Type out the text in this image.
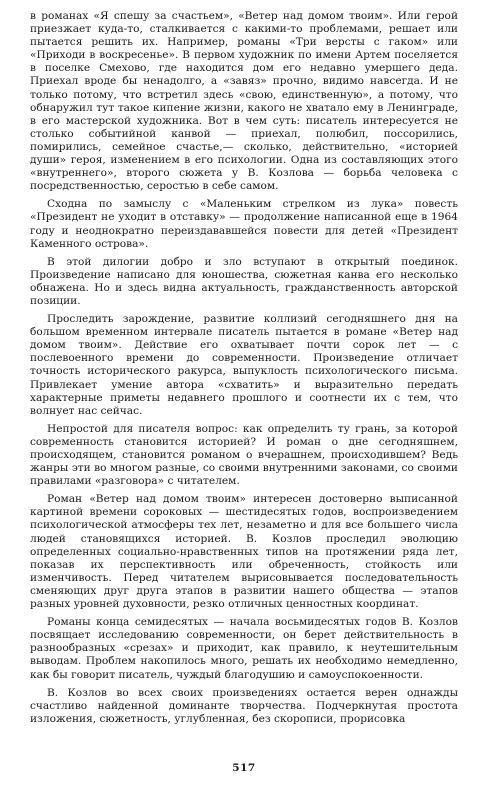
в романах «Я спешу за счастьем», «Ветер над домом твоим». Или герой приезжает куда-то, сталкивается с какими-то проблемами, решает или пытается решить их. Например, романы «Три версты с гаком» или «Приходи в воскресенье». В первом художник по имени Артем поселяется в поселке Смехово, где находится дом его недавно умершего деда. Приехал вроде бы ненадолго, а «завяз» прочно, видимо навсегда. И не только потому, что встретил здесь «свою, единственную», а потому, что обнаружил тут такое кипение жизни, какого не хватало ему в Ленинграде, в его мастерской художника. Вот в чем суть: писатель интересуется не столько событийной канвой — приехал, полюбил, поссорились, помирились, семейное счастье,— сколько, действительно, «историей души» героя, изменением в его психологии. Одна из составляющих этого «внутреннего», второго сюжета у В. Козлова — борьба человека с посредственностью, серостью в себе самом.

Сходна по замыслу с «Маленьким стрелком из лука» повесть «Президент не уходит в отставку» — продолжение написанной еще в 1964 году и неоднократно переиздававшейся повести для детей «Президент Каменного острова».

В этой дилогии добро и зло вступают в открытый поединок. Произведение написано для юношества, сюжетная канва его несколько обнажена. Но и здесь видна актуальность, гражданственность авторской позиции.

Проследить зарождение, развитие коллизий сегодняшнего дня на большом временном интервале писатель пытается в романе «Ветер над домом твоим». Действие его охватывает почти сорок лет — с послевоенного времени до современности. Произведение отличает точность исторического ракурса, выпуклость психологического письма. Привлекает умение автора «схватить» и выразительно передать характерные приметы недавнего прошлого и соотнести их с тем, что волнует нас сейчас.

Непростой для писателя вопрос: как определить ту грань, за которой современность становится историей? И роман о дне сегодняшнем, происходящем, становится романом о вчерашнем, происходившем? Ведь жанры эти во многом разные, со своими внутренними законами, со своими правилами «разговора» с читателем.

Роман «Ветер над домом твоим» интересен достоверно выписанной картиной времени сороковых — шестидесятых годов, воспроизведением психологической атмосферы тех лет, незаметно и для все большего числа людей становящихся историей. В. Козлов проследил эволюцию определенных социально-нравственных типов на протяжении ряда лет, показав их перспективность или обреченность, стойкость или изменчивость. Перед читателем вырисовывается последовательность сменяющих друг друга этапов в развитии нашего общества — этапов разных уровней духовности, резко отличных ценностных координат.

Романы конца семидесятых — начала восьмидесятых годов В. Козлов посвящает исследованию современности, он берет действительность в разнообразных «срезах» и приходит, как правило, к неутешительным выводам. Проблем накопилось много, решать их необходимо немедленно, как бы говорит писатель, чуждый благодушию и самоуспокоенности.

В. Козлов во всех своих произведениях остается верен однажды счастливо найденной доминанте творчества. Подчеркнутая простота изложения, сюжетность, углубленная, без скорописи, прорисовка

517
